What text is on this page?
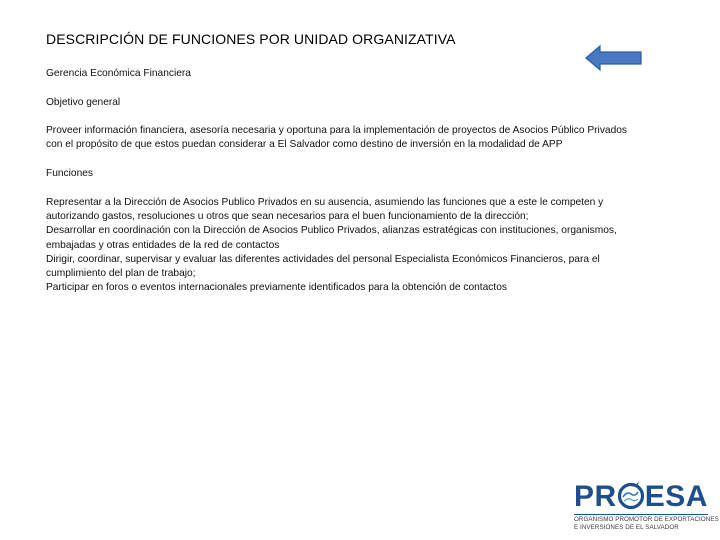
DESCRIPCIÓN DE FUNCIONES POR UNIDAD ORGANIZATIVA
Gerencia Económica Financiera
Objetivo general
Proveer información financiera, asesoría necesaria y oportuna para la implementación de proyectos de Asocios Público Privados
con el propósito de que estos puedan considerar a El Salvador como destino de inversión en la modalidad de APP
Funciones
Representar a la Dirección de Asocios Publico Privados en su ausencia, asumiendo las funciones que a este le competen y
autorizando gastos, resoluciones u otros que sean necesarios para el buen funcionamiento de la dirección;
Desarrollar en coordinación con la Dirección de Asocios Publico Privados, alianzas estratégicas con instituciones, organismos,
embajadas y otras entidades de la red de contactos
Dirigir, coordinar, supervisar y evaluar las diferentes actividades del personal Especialista Económicos Financieros, para el
cumplimiento del plan de trabajo;
Participar en foros o eventos internacionales previamente identificados para la obtención de contactos
PR ESA
ORGANISMO PROMOTOR DE EXPORTACIONES
E INVERSIONES DE EL SALVADOR
